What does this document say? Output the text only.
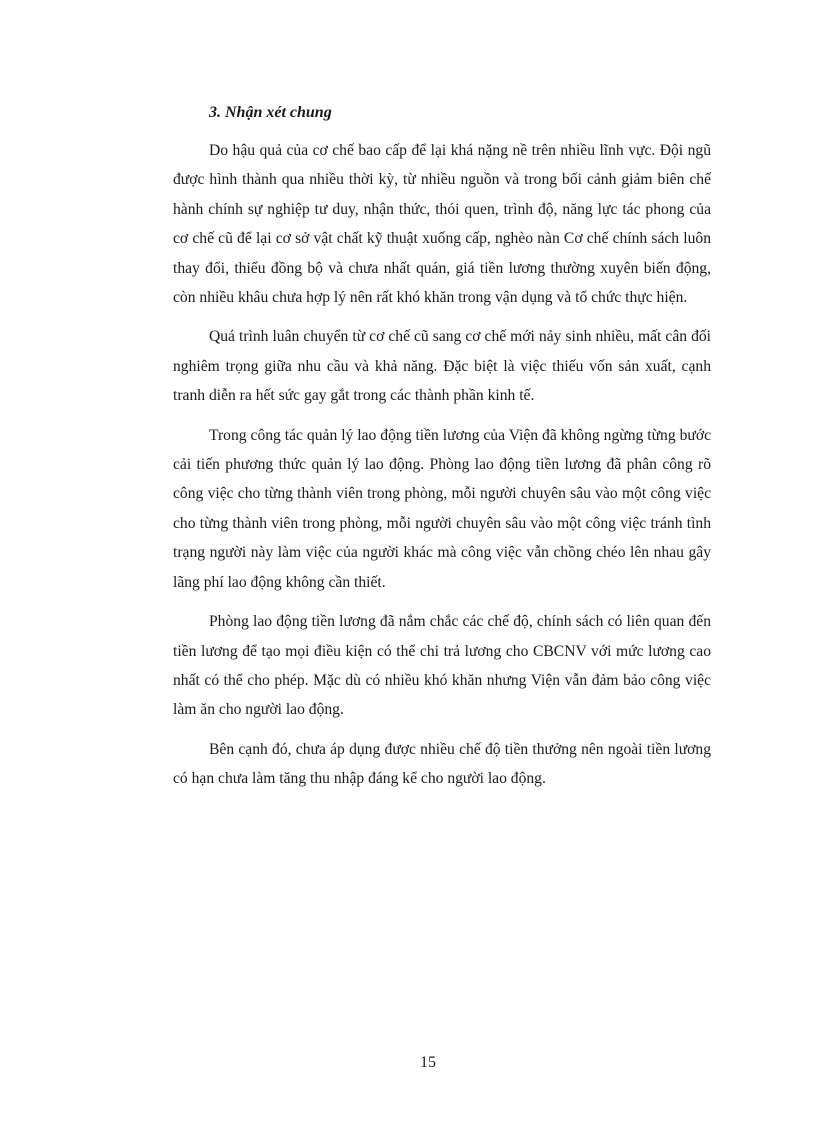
3. Nhận xét chung

Do hậu quả của cơ chế bao cấp để lại khá nặng nề trên nhiều lĩnh vực. Đội ngũ được hình thành qua nhiều thời kỳ, từ nhiều nguồn và trong bối cảnh giảm biên chế hành chính sự nghiệp tư duy, nhận thức, thói quen, trình độ, năng lực tác phong của cơ chế cũ để lại cơ sở vật chất kỹ thuật xuống cấp, nghèo nàn Cơ chế chính sách luôn thay đổi, thiếu đồng bộ và chưa nhất quán, giá tiền lương thường xuyên biến động, còn nhiều khâu chưa hợp lý nên rất khó khăn trong vận dụng và tổ chức thực hiện.

Quá trình luân chuyển từ cơ chế cũ sang cơ chế mới nảy sinh nhiều, mất cân đối nghiêm trọng giữa nhu cầu và khả năng. Đặc biệt là việc thiếu vốn sản xuất, cạnh tranh diễn ra hết sức gay gắt trong các thành phần kinh tế.

Trong công tác quản lý lao động tiền lương của Viện đã không ngừng từng bước cải tiến phương thức quản lý lao động. Phòng lao động tiền lương đã phân công rõ công việc cho từng thành viên trong phòng, mỗi người chuyên sâu vào một công việc cho từng thành viên trong phòng, mỗi người chuyên sâu vào một công việc tránh tình trạng người này làm việc của người khác mà công việc vẫn chồng chéo lên nhau gây lãng phí lao động không cần thiết.

Phòng lao động tiền lương đã nắm chắc các chế độ, chính sách có liên quan đến tiền lương để tạo mọi điều kiện có thể chi trả lương cho CBCNV với mức lương cao nhất có thể cho phép. Mặc dù có nhiều khó khăn nhưng Viện vẫn đảm bảo công việc làm ăn cho người lao động.

Bên cạnh đó, chưa áp dụng được nhiều chế độ tiền thưởng nên ngoài tiền lương có hạn chưa làm tăng thu nhập đáng kể cho người lao động.

15
